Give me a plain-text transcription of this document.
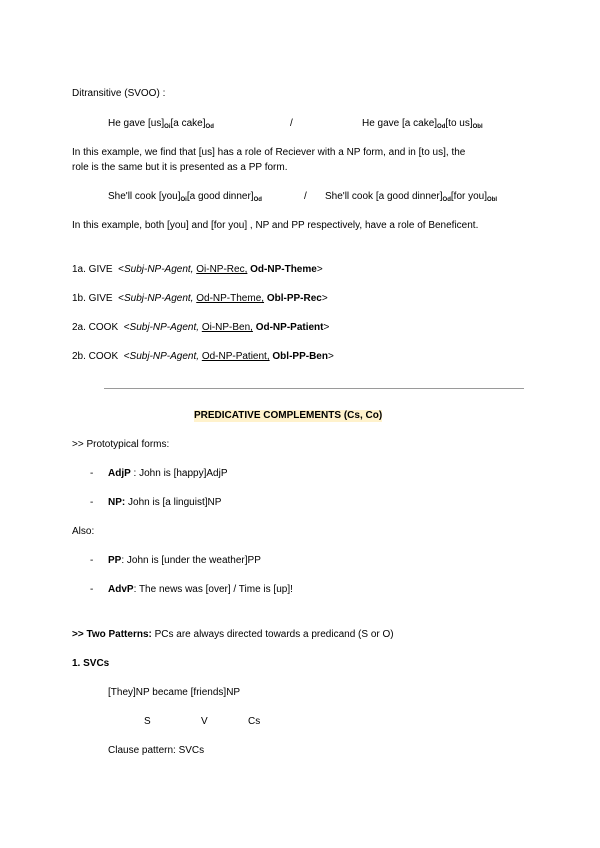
Ditransitive (SVOO) :
He gave $[us]_{Oi}[a$ $cake]_{Od}$	/	He gave [a $cake]_{Od}[to$ $us]_{Obl}$
In this example, we find that [us] has a role of Reciever with a NP form, and in [to us], the
role is the same but it is presented as a PP form.
She'll cook $[you]_{Oi}[a$ good $dinner]_{Od}$	/ She'll cook [a good $dinner]_{Od}[for$ $you]_{Obl}$
In this example, both [you] and [for you] , NP and PP respectively, have a role of Beneficent.
1a. GIVE <Subj-NP-Agent, Oi-NP-Rec, Od-NP-Theme>
1b. GIVE <Subj-NP-Agent, Od-NP-Theme, Obl-PP-Rec>
2a. COOK <Subj-NP-Agent, Oi-NP-Ben, Od-NP-Patient>
2b. COOK <Subj-NP-Agent, Od-NP-Patient, Obl-PP-Ben>
PREDICATIVE COMPLEMENTS (Cs, Co)
>> Prototypical forms:
- AdjP : John is [happy]AdjP
- NP: John is [a linguist]NP
Also:
- PP: John is [under the weather]PP
- AdvP: The news was [over] / Time is [up]!
>> Two Patterns: PCs are always directed towards a predicand (S or O)
1. SVCs
[They]NP became [friends]NP
S	V	Cs
Clause pattern: SVCs
